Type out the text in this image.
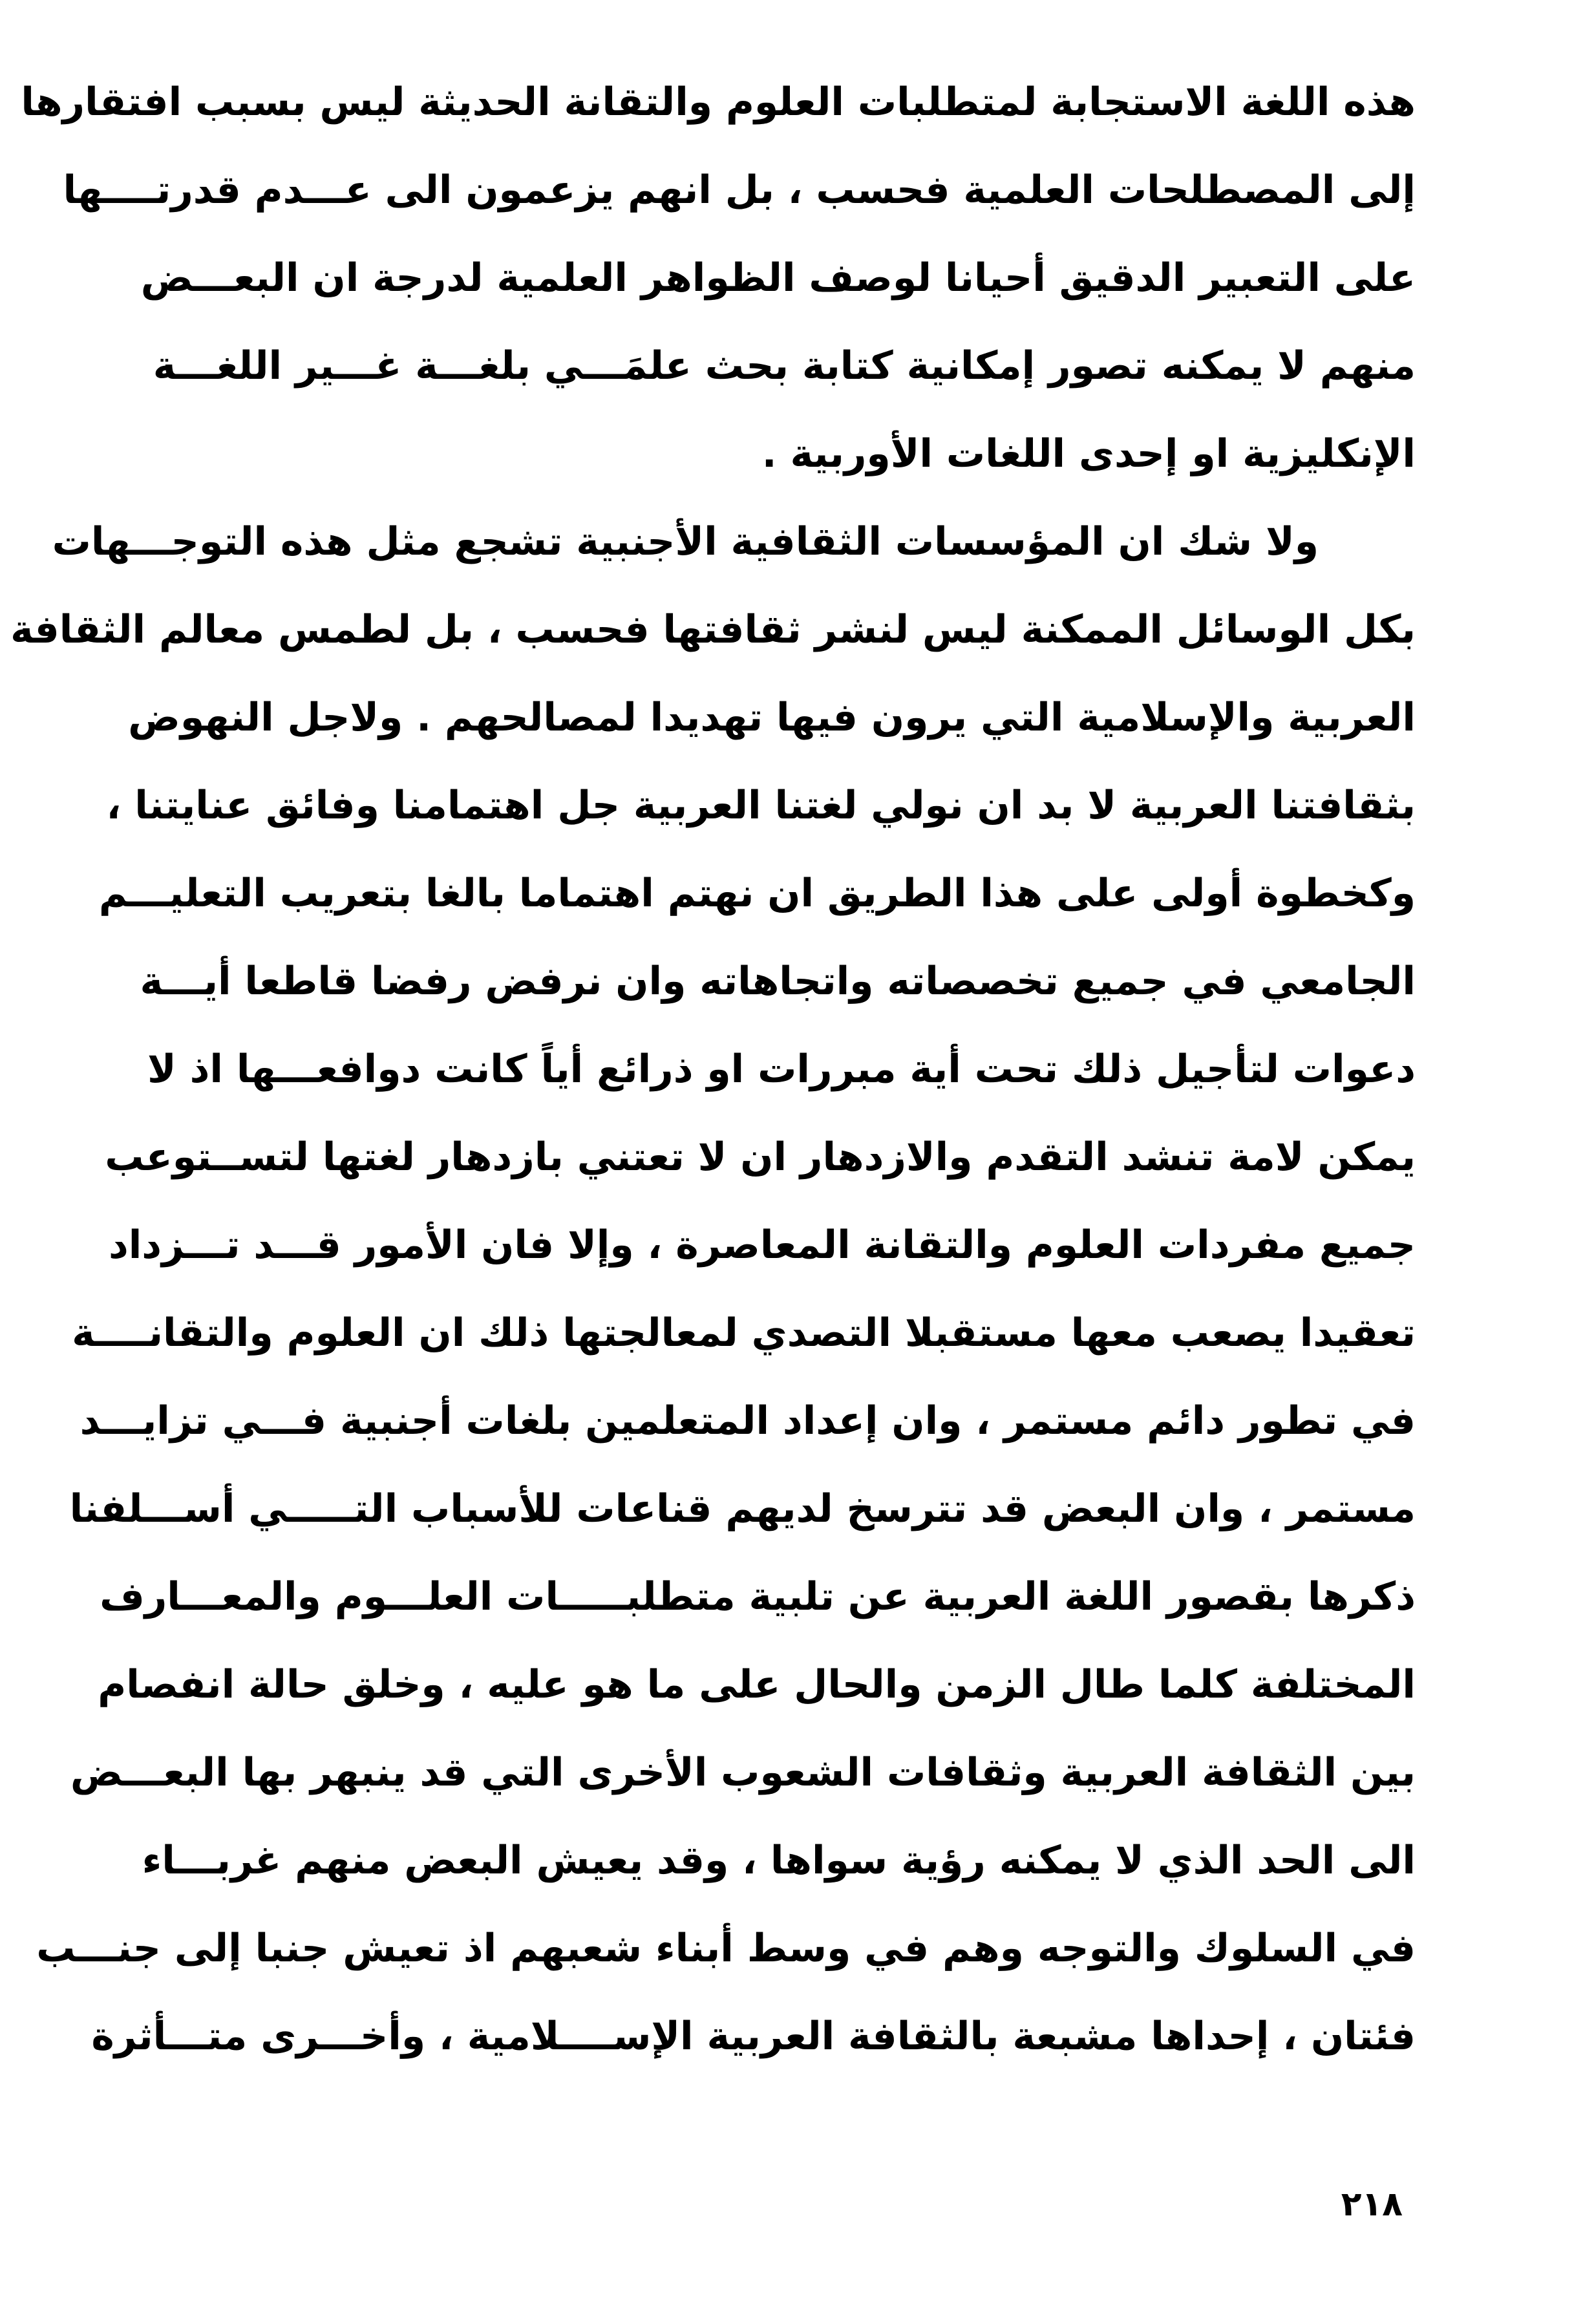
هذه اللغة الاستجابة لمتطلبات العلوم والتقانة الحديثة ليس بسبب افتقارها
إلى المصطلحات العلمية فحسب ، بل انهم يزعمون الى عـــدم قدرتــــها
على التعبير الدقيق أحيانا لوصف الظواهر العلمية لدرجة ان البعـــض
منهم لا يمكنه تصور إمكانية كتابة بحث علمَـــي بلغـــة غـــير اللغـــة
الإنكليزية او إحدى اللغات الأوربية .
ولا شك ان المؤسسات الثقافية الأجنبية تشجع مثل هذه التوجـــهات
بكل الوسائل الممكنة ليس لنشر ثقافتها فحسب ، بل لطمس معالم الثقافة
العربية والإسلامية التي يرون فيها تهديدا لمصالحهم . ولاجل النهوض
بثقافتنا العربية لا بد ان نولي لغتنا العربية جل اهتمامنا وفائق عنايتنا ،
وكخطوة أولى على هذا الطريق ان نهتم اهتماما بالغا بتعريب التعليـــم
الجامعي في جميع تخصصاته واتجاهاته وان نرفض رفضا قاطعا أيـــة
دعوات لتأجيل ذلك تحت أية مبررات او ذرائع أياً كانت دوافعـــها اذ لا
يمكن لامة تنشد التقدم والازدهار ان لا تعتني بازدهار لغتها لتســتوعب
جميع مفردات العلوم والتقانة المعاصرة ، وإلا فان الأمور قـــد تـــزداد
تعقيدا يصعب معها مستقبلا التصدي لمعالجتها ذلك ان العلوم والتقانــــة
في تطور دائم مستمر ، وان إعداد المتعلمين بلغات أجنبية فـــي تزايـــد
مستمر ، وان البعض قد تترسخ لديهم قناعات للأسباب التـــــي أســـلفنا
ذكرها بقصور اللغة العربية عن تلبية متطلبـــــات العلـــوم والمعـــارف
المختلفة كلما طال الزمن والحال على ما هو عليه ، وخلق حالة انفصام
بين الثقافة العربية وثقافات الشعوب الأخرى التي قد ينبهر بها البعـــض
الى الحد الذي لا يمكنه رؤية سواها ، وقد يعيش البعض منهم غربـــاء
في السلوك والتوجه وهم في وسط أبناء شعبهم اذ تعيش جنبا إلى جنـــب
فئتان ، إحداها مشبعة بالثقافة العربية الإســــلامية ، وأخـــرى متـــأثرة
٢١٨
